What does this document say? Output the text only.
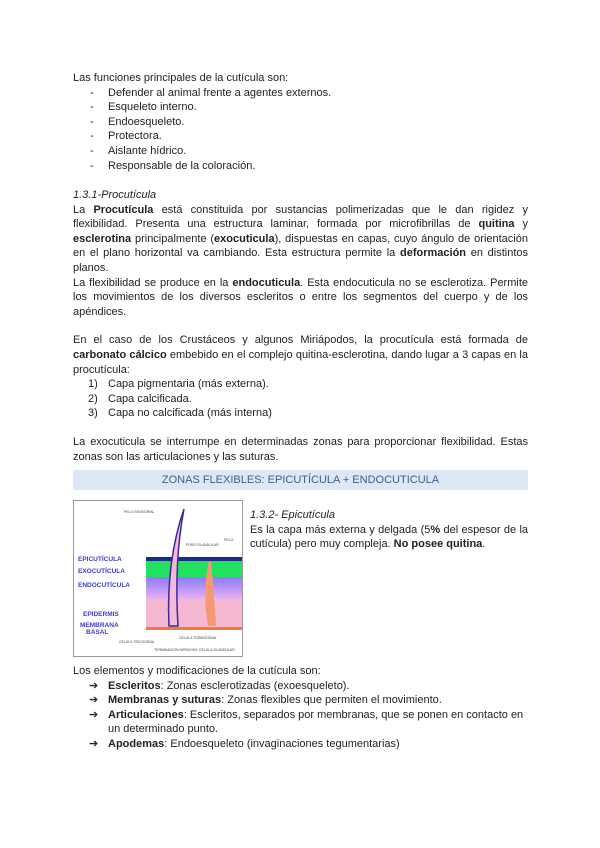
Las funciones principales de la cutícula son:

- Defender al animal frente a agentes externos.
- Esqueleto interno.
- Endoesqueleto.
- Protectora.
- Aislante hídrico.
- Responsable de la coloración.
1.3.1-Procutícula

La Procutícula está constituida por sustancias polimerizadas que le dan rigidez y flexibilidad. Presenta una estructura laminar, formada por microfibrillas de quitina y esclerotina principalmente (exocuticula), dispuestas en capas, cuyo ángulo de orientación en el plano horizontal va cambiando. Esta estructura permite la deformación en distintos planos.

La flexibilidad se produce en la endocuticula. Esta endocuticula no se esclerotiza. Permite los movimientos de los diversos escleritos o entre los segmentos del cuerpo y de los apéndices.

En el caso de los Crustáceos y algunos Miriápodos, la procutícula está formada de carbonato cálcico embebido en el complejo quitina-esclerotina, dando lugar a 3 capas en la procutícula:

1) Capa pigmentaria (más externa).
2) Capa calcificada.
3) Capa no calcificada (más interna)

La exocuticula se interrumpe en determinadas zonas para proporcionar flexibilidad. Estas zonas son las articulaciones y las suturas.

ZONAS FLEXIBLES: EPICUTÍCULA + ENDOCUTICULA
EPICUTÍCULA
EXOCUTÍCULA
ENDOCUTÍCULA
EPIDERMIS
MEMBRANA
BASAL
PELO SENSORIAL
PORO GLANDULAR
PELO
CÉLULA TRICÓGENA
CÉLULA TORMÓGENA
TERMINACIÓN NERVIOSA CÉLULA GLANDULAR
1.3.2- Epicutícula

Es la capa más externa y delgada (5% del espesor de la cutícula) pero muy compleja. No posee quitina.

Los elementos y modificaciones de la cutícula son:

➔ Escleritos: Zonas esclerotizadas (exoesqueleto).
➔ Membranas y suturas: Zonas flexibles que permiten el movimiento.
➔ Articulaciones: Escleritos, separados por membranas, que se ponen en contacto en un determinado punto.
➔ Apodemas: Endoesqueleto (invaginaciones tegumentarias)
